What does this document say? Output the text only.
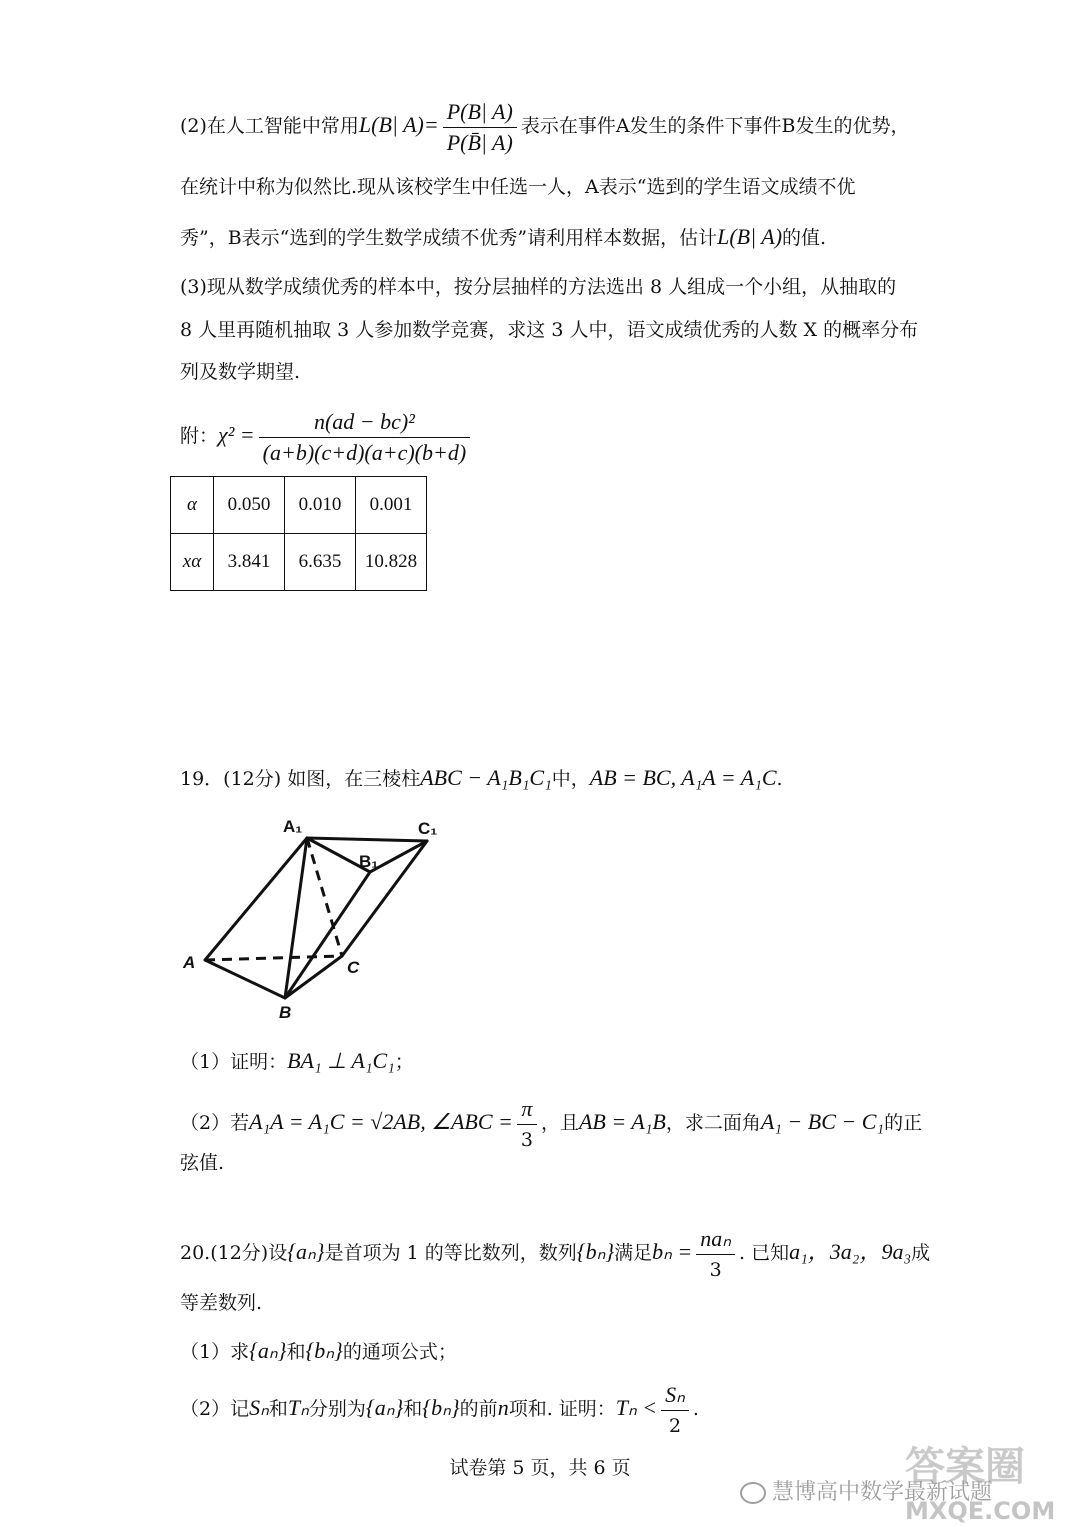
(2)在人工智能中常用L(B| $A)= \frac{P(B| A)}{P(B̄| A)}$ 表示在事件A发生的条件下事件B发生的优势，
在统计中称为似然比.现从该校学生中任选一人，A表示“选到的学生语文成绩不优
秀”，B表示“选到的学生数学成绩不优秀”请利用样本数据，估计L(B| A)的值.
(3)现从数学成绩优秀的样本中，按分层抽样的方法选出 8 人组成一个小组，从抽取的
8 人里再随机抽取 3 人参加数学竞赛，求这 3 人中，语文成绩优秀的人数 X 的概率分布
列及数学期望.
附：$\chi^2 = \frac{\text{n(ad − bc)²}}{(a+b)(c+d)(a+c)(b+d)}$
α	0.050	0.010	0.001
xα	3.841	6.635	10.828
19．(12分) 如图，在三棱柱ABC − A₁B₁C₁中，AB = BC, A₁A = A₁C.
A₁	C₁
B₁
A	C
B
（1）证明：BA₁ ⊥ A₁C₁；
（2）若A₁A = A₁C = √2AB, ∠ABC = $\frac{\pi}{3}$ ，且AB = A₁B，求二面角A₁ − BC − C₁的正
弦值.
20.(12分)设{aₙ}是首项为 1 的等比数列，数列{bₙ}满足$b_n = \frac{\text{naₙ}}{3}$ . 已知a₁，3a₂，9a₃成
等差数列.
（1）求{aₙ}和{bₙ}的通项公式；
（2）记Sₙ和Tₙ分别为{aₙ}和{bₙ}的前n项和. 证明：$T_n < \frac{\text{Sₙ}}{2}$ .
试卷第 5 页，共 6 页
慧博高中数学最新试题
答案圈
MXQE.COM
